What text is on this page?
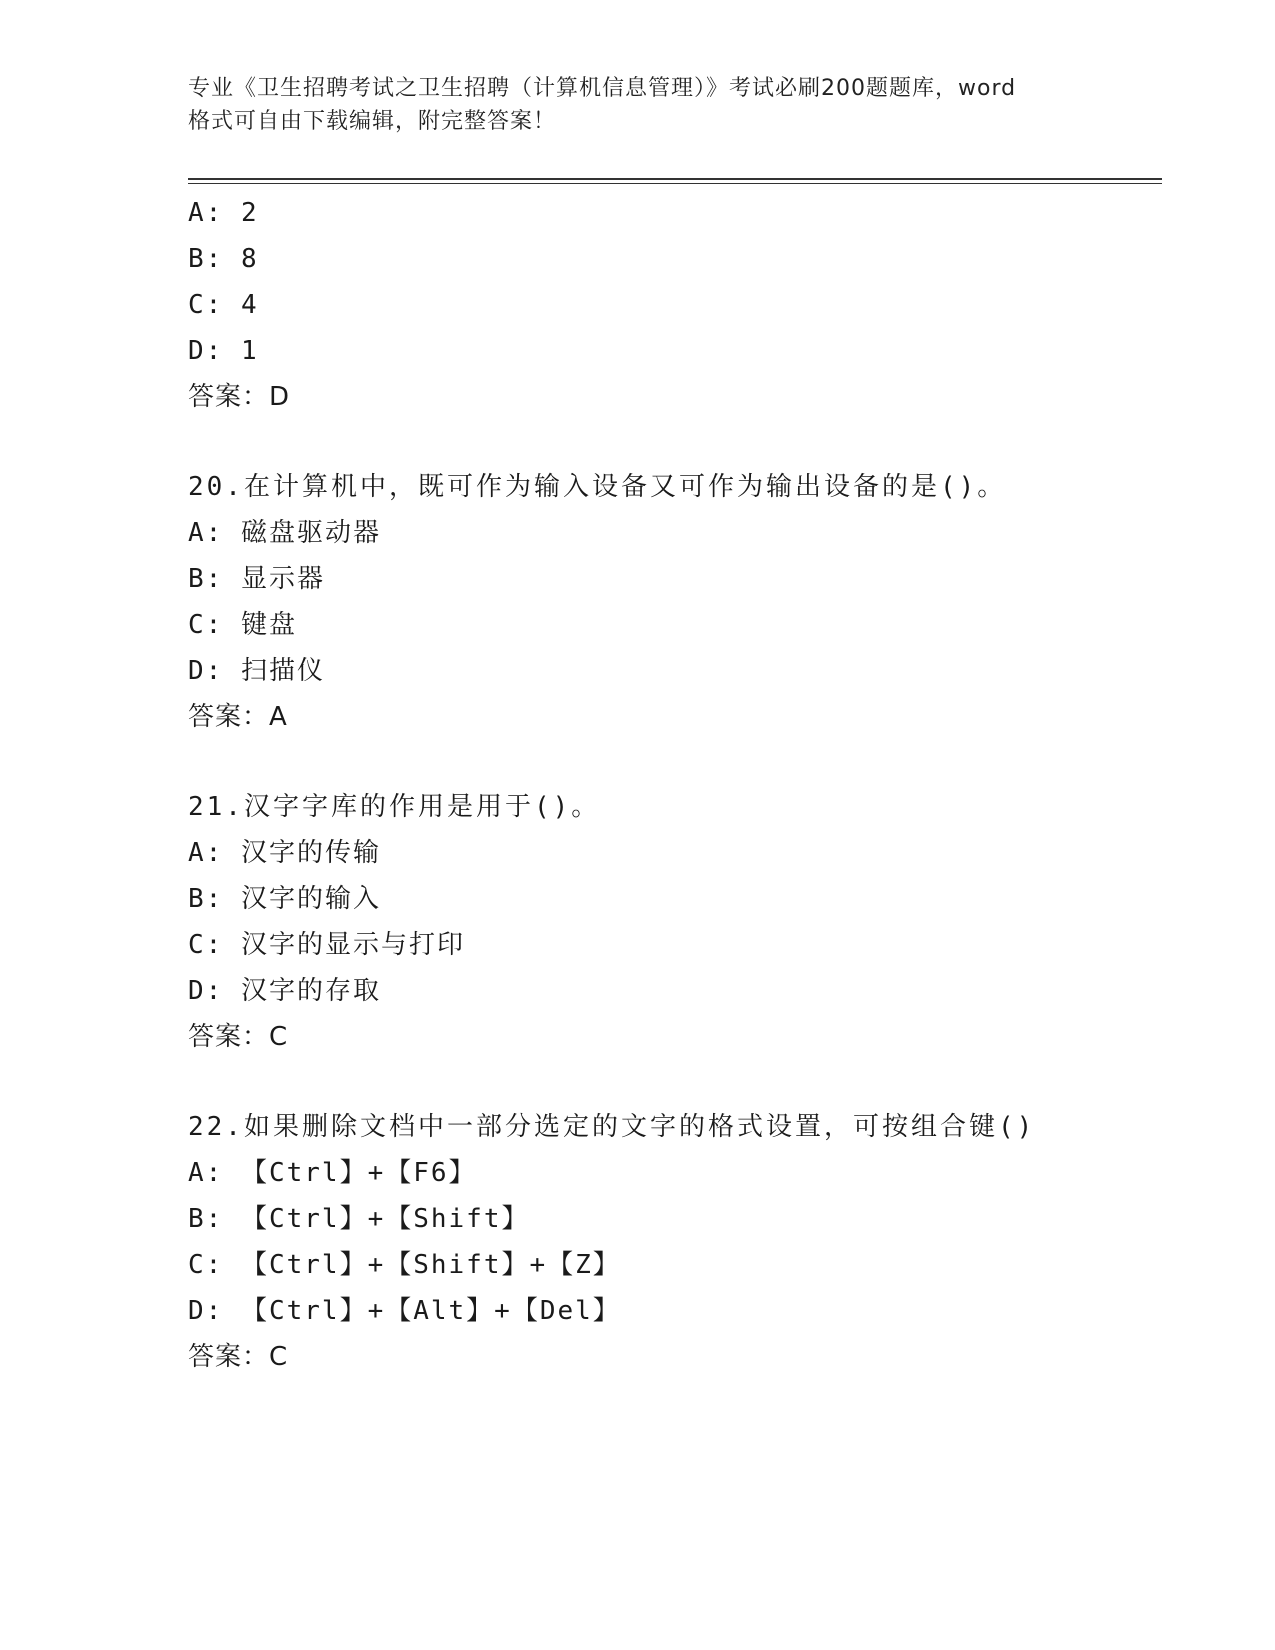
专业《卫生招聘考试之卫生招聘（计算机信息管理）》考试必刷200题题库，word
格式可自由下载编辑，附完整答案！
A: 2
B: 8
C: 4
D: 1
答案：D
20.在计算机中，既可作为输入设备又可作为输出设备的是()。
A: 磁盘驱动器
B: 显示器
C: 键盘
D: 扫描仪
答案：A
21.汉字字库的作用是用于()。
A: 汉字的传输
B: 汉字的输入
C: 汉字的显示与打印
D: 汉字的存取
答案：C
22.如果删除文档中一部分选定的文字的格式设置，可按组合键()
A: 【Ctrl】+【F6】
B: 【Ctrl】+【Shift】
C: 【Ctrl】+【Shift】+【Z】
D: 【Ctrl】+【Alt】+【Del】
答案：C
